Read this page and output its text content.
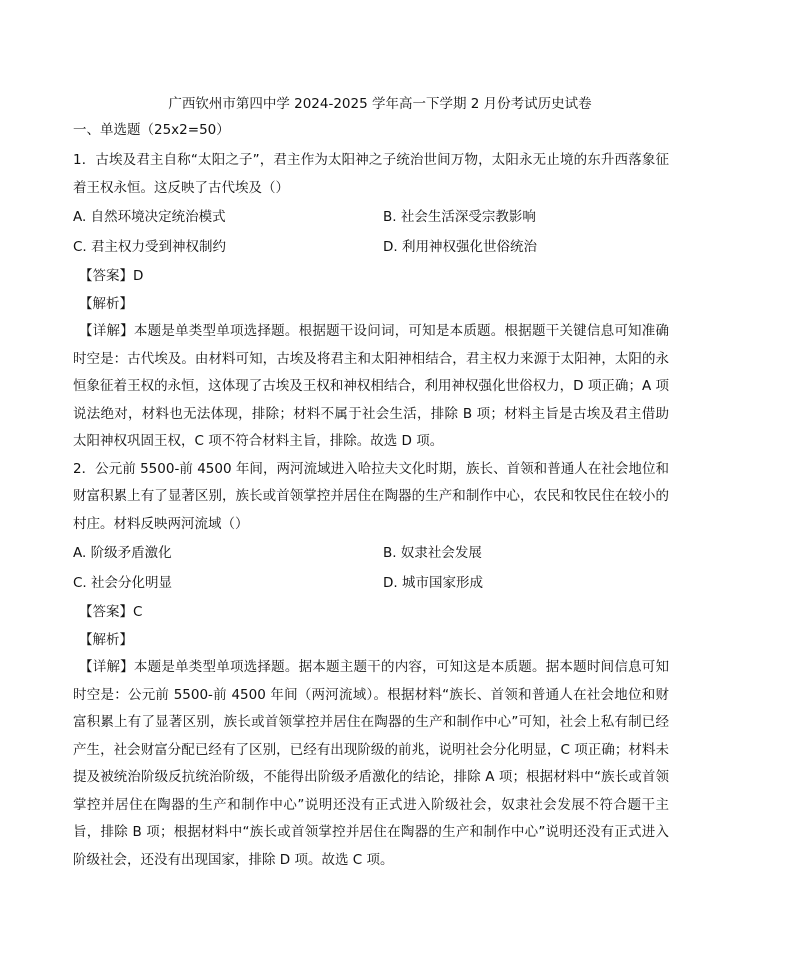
广西钦州市第四中学 2024-2025 学年高一下学期 2 月份考试历史试卷

一、单选题（25x2=50）

1．古埃及君主自称“太阳之子”，君主作为太阳神之子统治世间万物，太阳永无止境的东升西落象征着王权永恒。这反映了古代埃及（）

A. 自然环境决定统治模式	B. 社会生活深受宗教影响
C. 君主权力受到神权制约	D. 利用神权强化世俗统治

【答案】D

【解析】

【详解】本题是单类型单项选择题。根据题干设问词，可知是本质题。根据题干关键信息可知准确时空是：古代埃及。由材料可知，古埃及将君主和太阳神相结合，君主权力来源于太阳神，太阳的永恒象征着王权的永恒，这体现了古埃及王权和神权相结合，利用神权强化世俗权力，D 项正确；A 项说法绝对，材料也无法体现，排除；材料不属于社会生活，排除 B 项；材料主旨是古埃及君主借助太阳神权巩固王权，C 项不符合材料主旨，排除。故选 D 项。

2．公元前 5500-前 4500 年间，两河流域进入哈拉夫文化时期，族长、首领和普通人在社会地位和财富积累上有了显著区别，族长或首领掌控并居住在陶器的生产和制作中心，农民和牧民住在较小的村庄。材料反映两河流域（）

A. 阶级矛盾激化	B. 奴隶社会发展
C. 社会分化明显	D. 城市国家形成

【答案】C

【解析】

【详解】本题是单类型单项选择题。据本题主题干的内容，可知这是本质题。据本题时间信息可知时空是：公元前 5500-前 4500 年间（两河流域）。根据材料“族长、首领和普通人在社会地位和财富积累上有了显著区别，族长或首领掌控并居住在陶器的生产和制作中心”可知，社会上私有制已经产生，社会财富分配已经有了区别，已经有出现阶级的前兆，说明社会分化明显，C 项正确；材料未提及被统治阶级反抗统治阶级，不能得出阶级矛盾激化的结论，排除 A 项；根据材料中“族长或首领掌控并居住在陶器的生产和制作中心”说明还没有正式进入阶级社会，奴隶社会发展不符合题干主旨，排除 B 项；根据材料中“族长或首领掌控并居住在陶器的生产和制作中心”说明还没有正式进入阶级社会，还没有出现国家，排除 D 项。故选 C 项。
